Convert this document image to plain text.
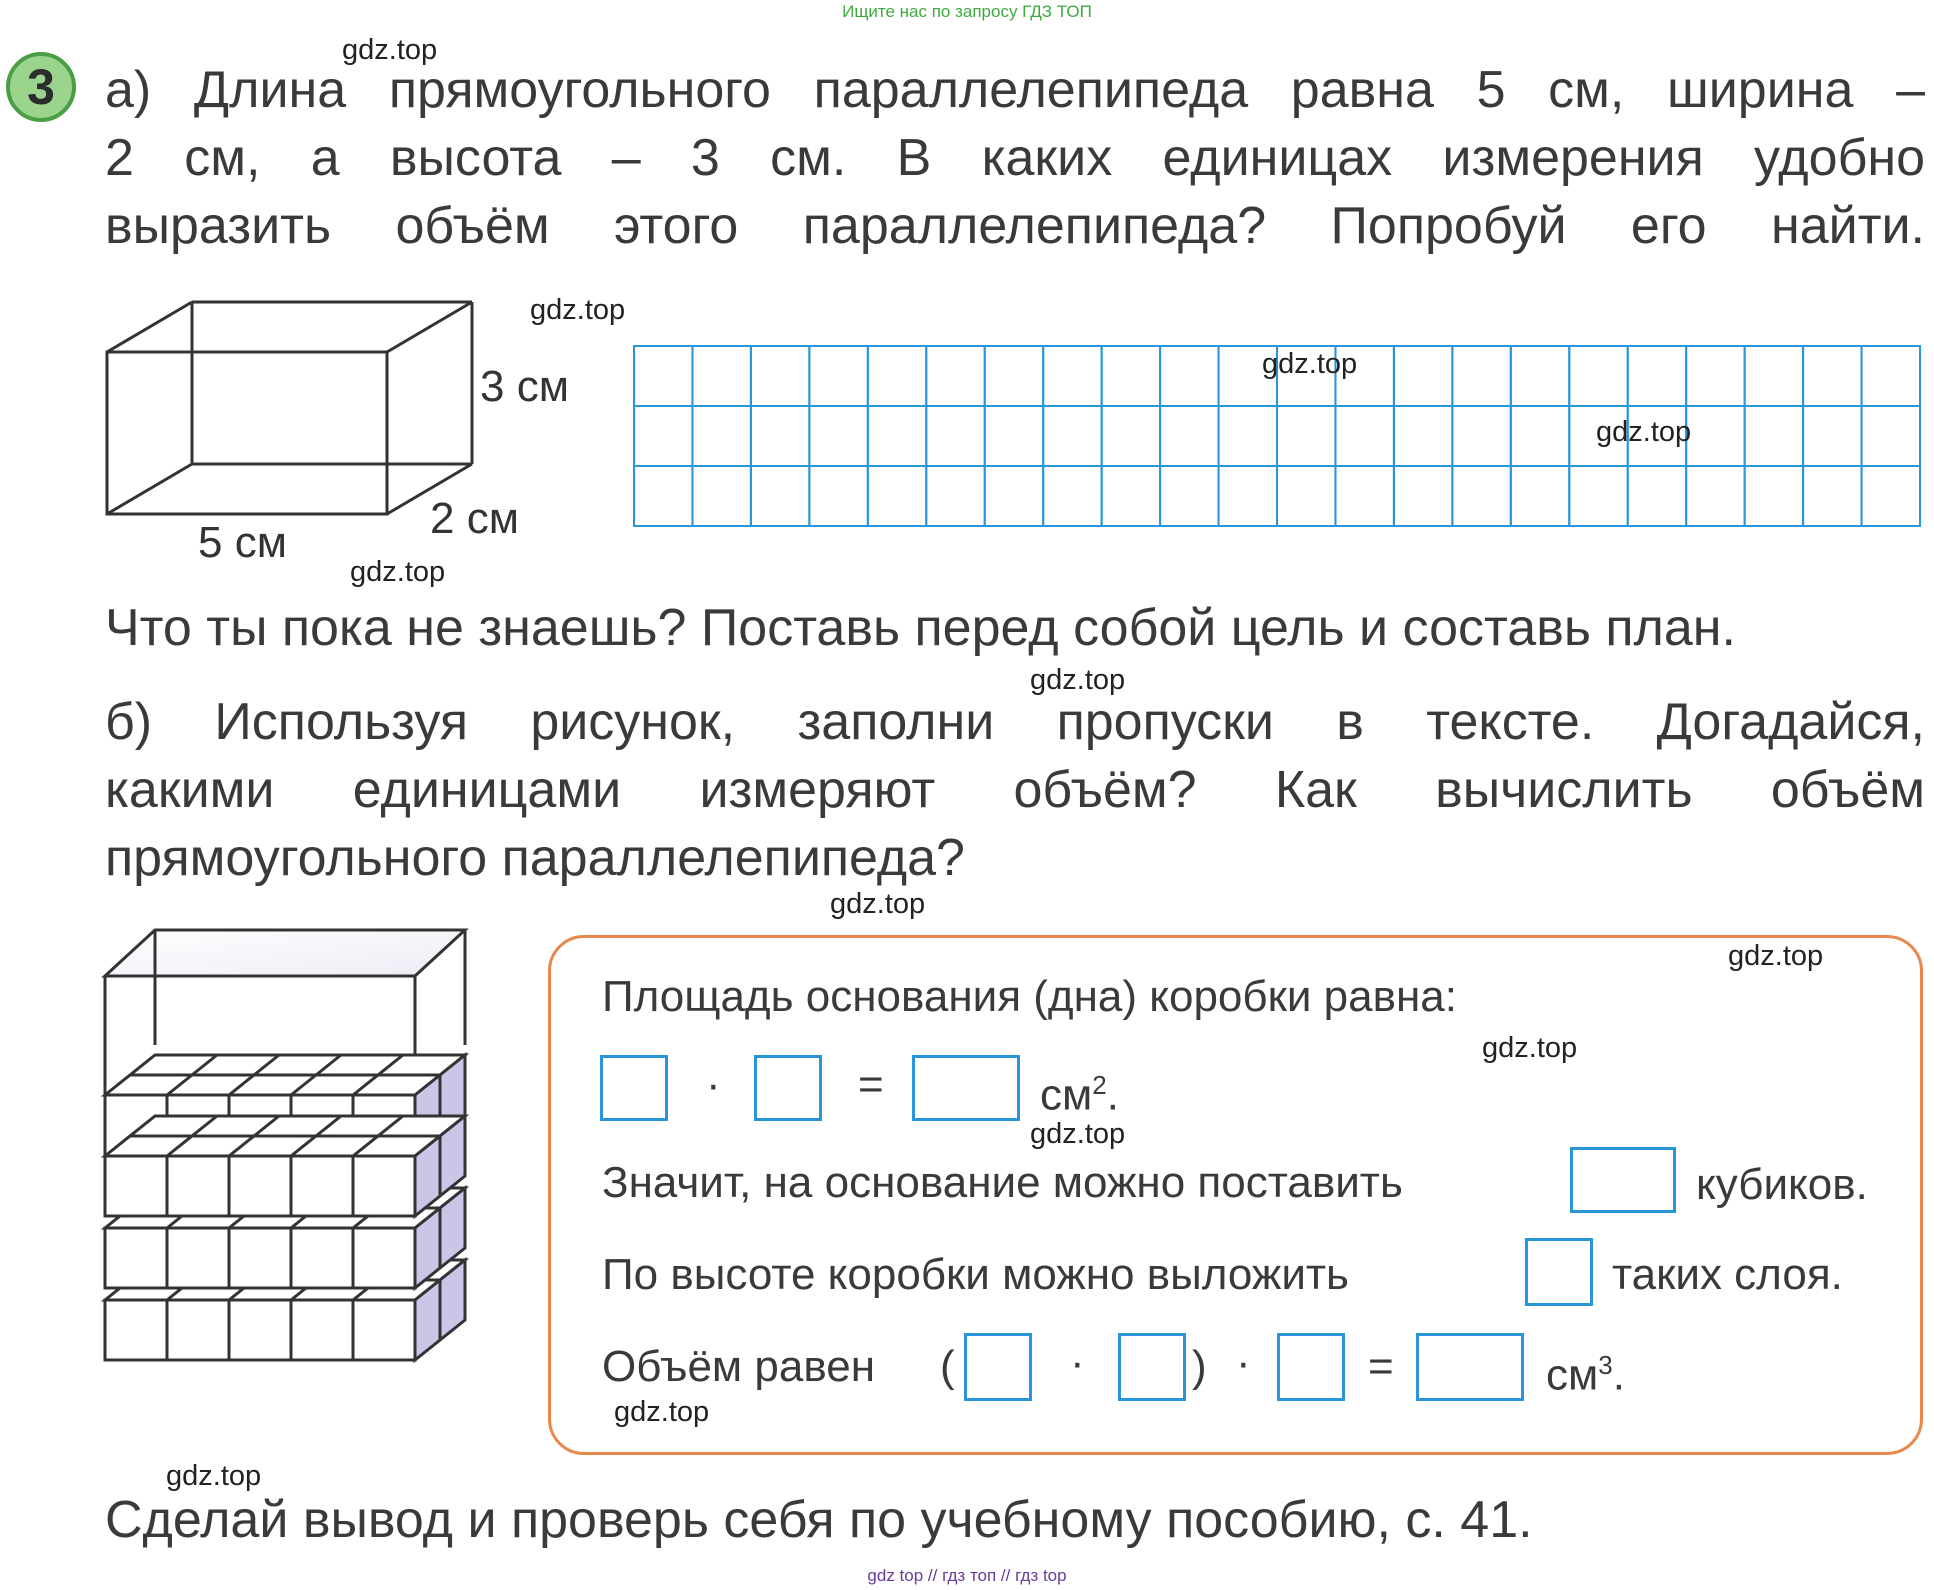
Ищите нас по запросу ГДЗ ТОП
3 а) Длина прямоугольного параллелепипеда равна 5 см, ширина –
2 см, а высота – 3 см. В каких единицах измерения удобно
выразить объём этого параллелепипеда? Попробуй его найти.
3 см
5 см	2 см
Что ты пока не знаешь? Поставь перед собой цель и составь план.
б) Используя рисунок, заполни пропуски в тексте. Догадайся,
какими единицами измеряют объём? Как вычислить объём
прямоугольного параллелепипеда?
Площадь основания (дна) коробки равна:
·	=	$см^2$.
Значит, на основание можно поставить	кубиков.
По высоте коробки можно выложить	таких слоя.
Объём равен (	· ) ·	=	$см^3$.
Сделай вывод и проверь себя по учебному пособию, с. 41.
gdz.top
gdz.top
gdz.top
gdz.top
gdz.top
gdz.top
gdz.top
gdz.top
gdz.top
gdz.top
gdz.top
gdz.top
gdz top // гдз топ // гдз top
